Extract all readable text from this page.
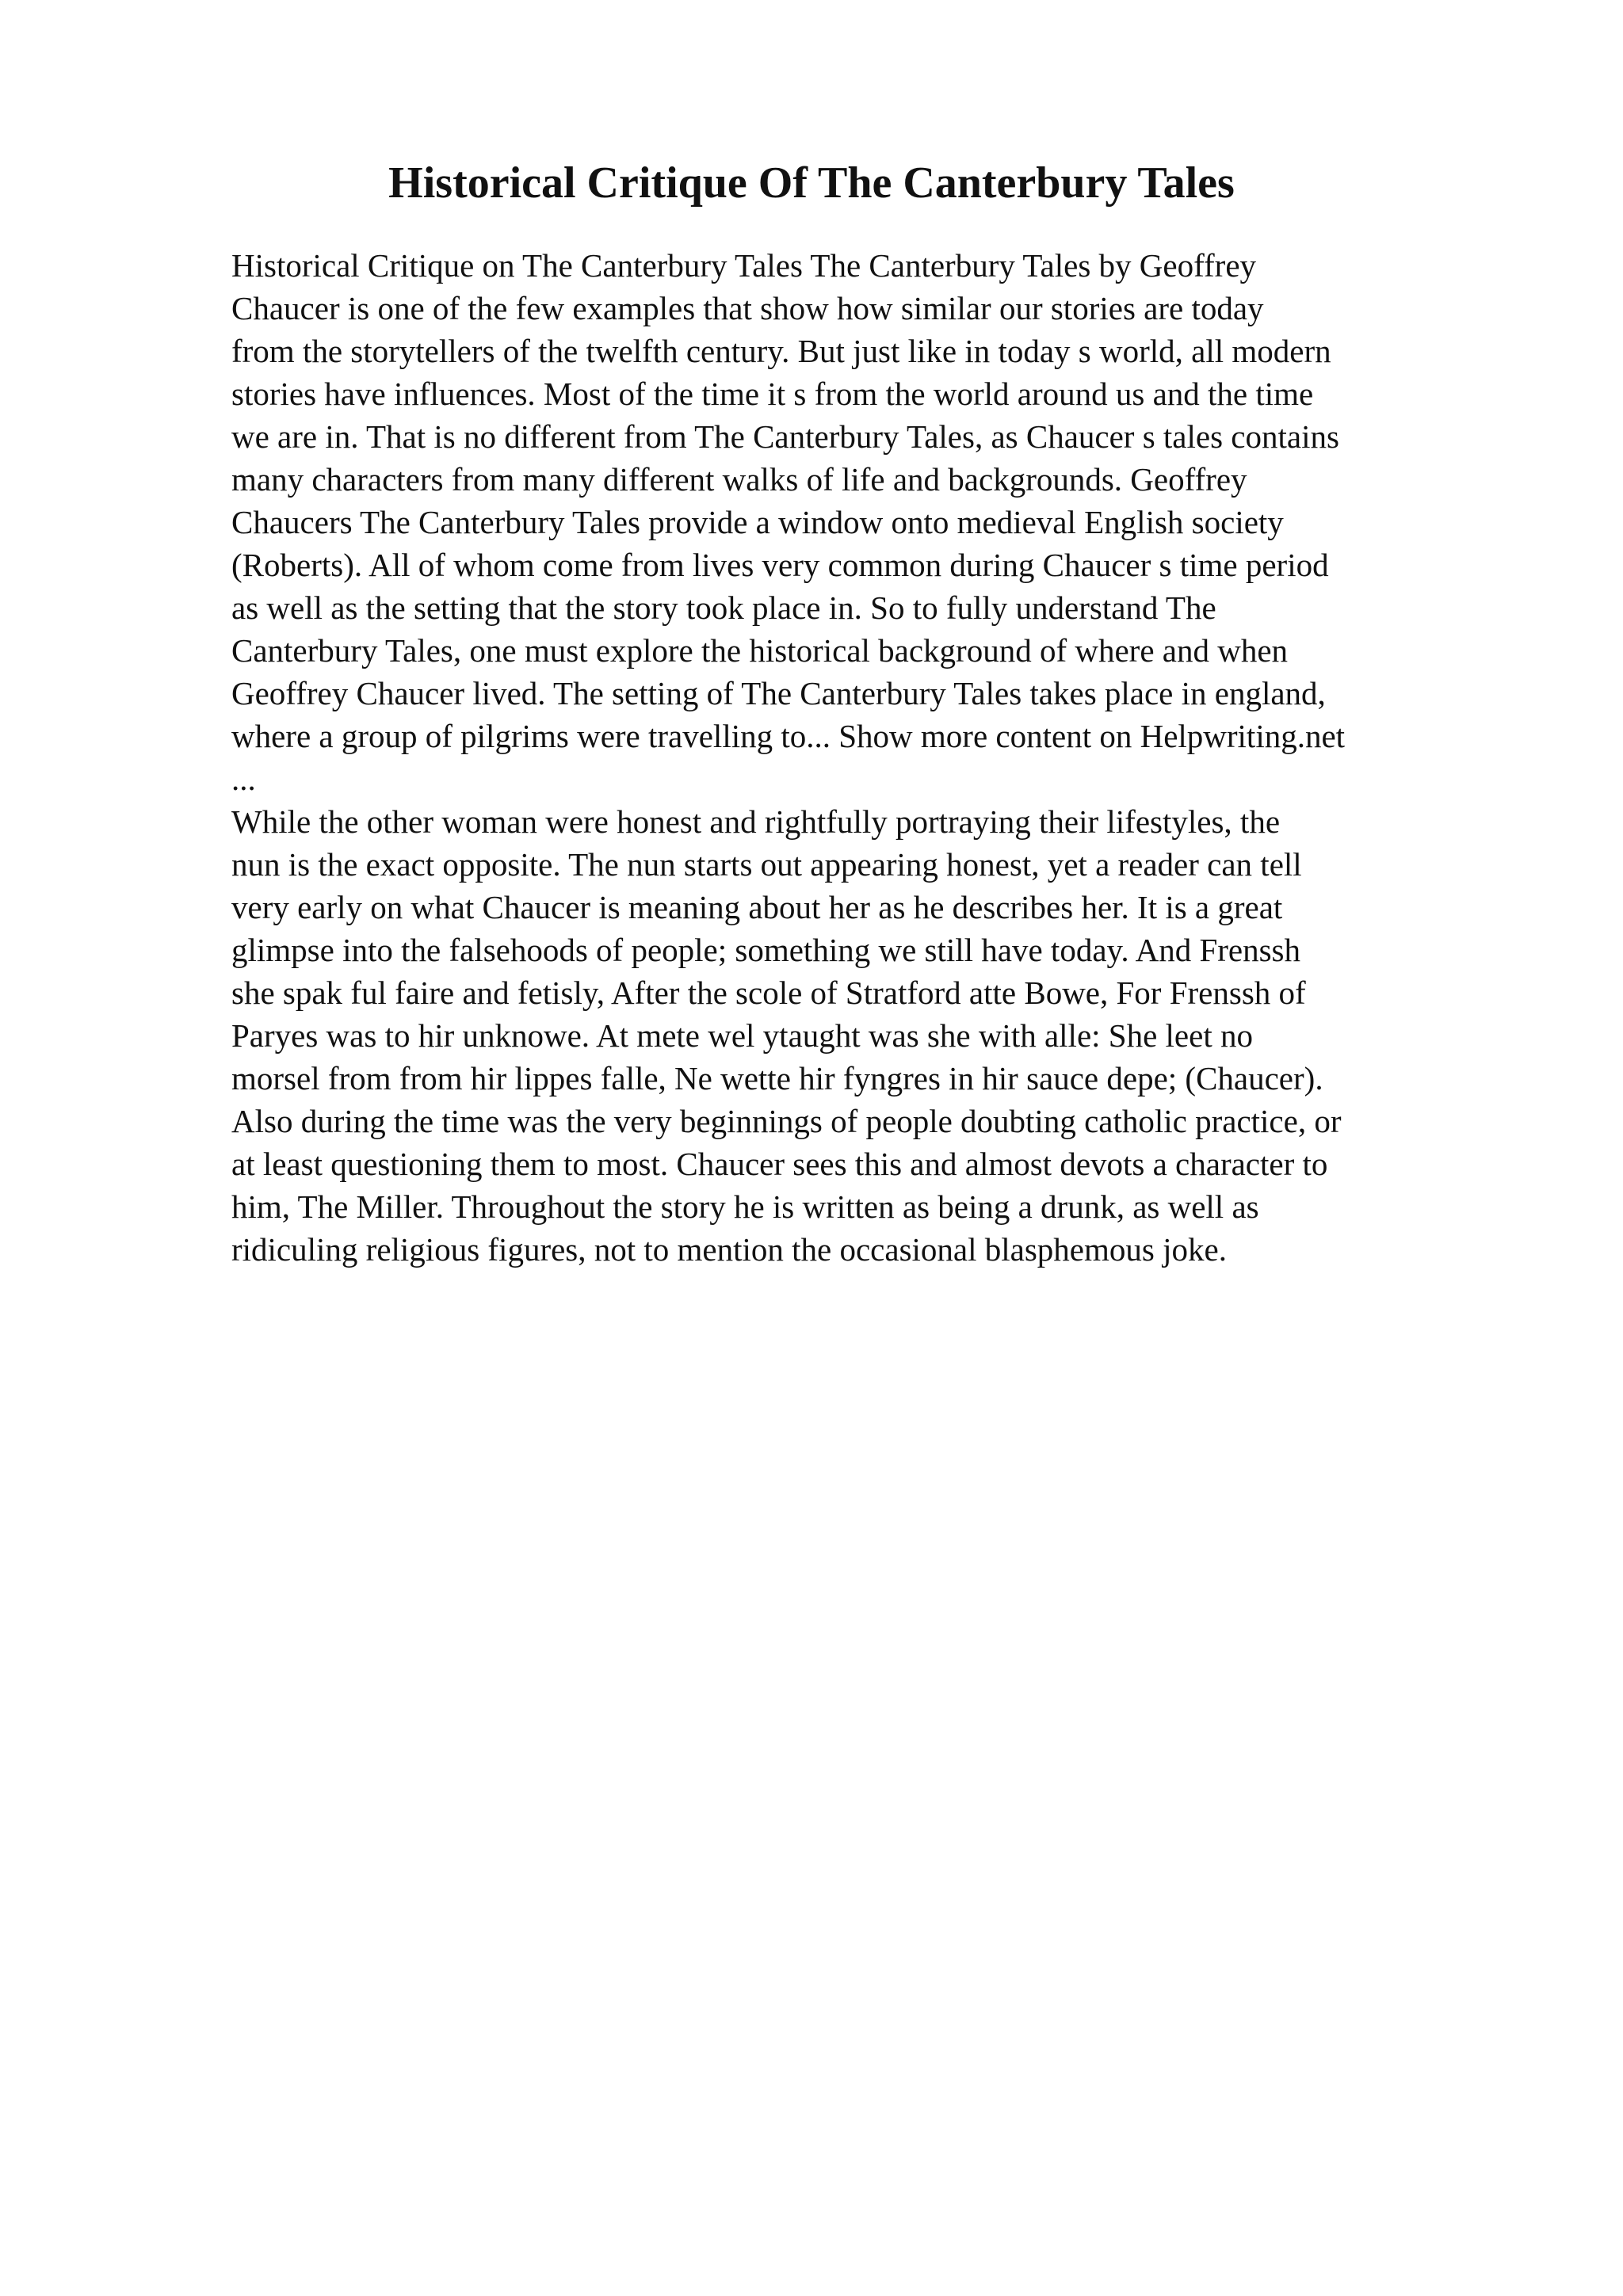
Historical Critique Of The Canterbury Tales
Historical Critique on The Canterbury Tales The Canterbury Tales by Geoffrey
Chaucer is one of the few examples that show how similar our stories are today
from the storytellers of the twelfth century. But just like in today s world, all modern
stories have influences. Most of the time it s from the world around us and the time
we are in. That is no different from The Canterbury Tales, as Chaucer s tales contains
many characters from many different walks of life and backgrounds. Geoffrey
Chaucers The Canterbury Tales provide a window onto medieval English society
(Roberts). All of whom come from lives very common during Chaucer s time period
as well as the setting that the story took place in. So to fully understand The
Canterbury Tales, one must explore the historical background of where and when
Geoffrey Chaucer lived. The setting of The Canterbury Tales takes place in england,
where a group of pilgrims were travelling to... Show more content on Helpwriting.net
...
While the other woman were honest and rightfully portraying their lifestyles, the
nun is the exact opposite. The nun starts out appearing honest, yet a reader can tell
very early on what Chaucer is meaning about her as he describes her. It is a great
glimpse into the falsehoods of people; something we still have today. And Frenssh
she spak ful faire and fetisly, After the scole of Stratford atte Bowe, For Frenssh of
Paryes was to hir unknowe. At mete wel ytaught was she with alle: She leet no
morsel from from hir lippes falle, Ne wette hir fyngres in hir sauce depe; (Chaucer).
Also during the time was the very beginnings of people doubting catholic practice, or
at least questioning them to most. Chaucer sees this and almost devots a character to
him, The Miller. Throughout the story he is written as being a drunk, as well as
ridiculing religious figures, not to mention the occasional blasphemous joke.
